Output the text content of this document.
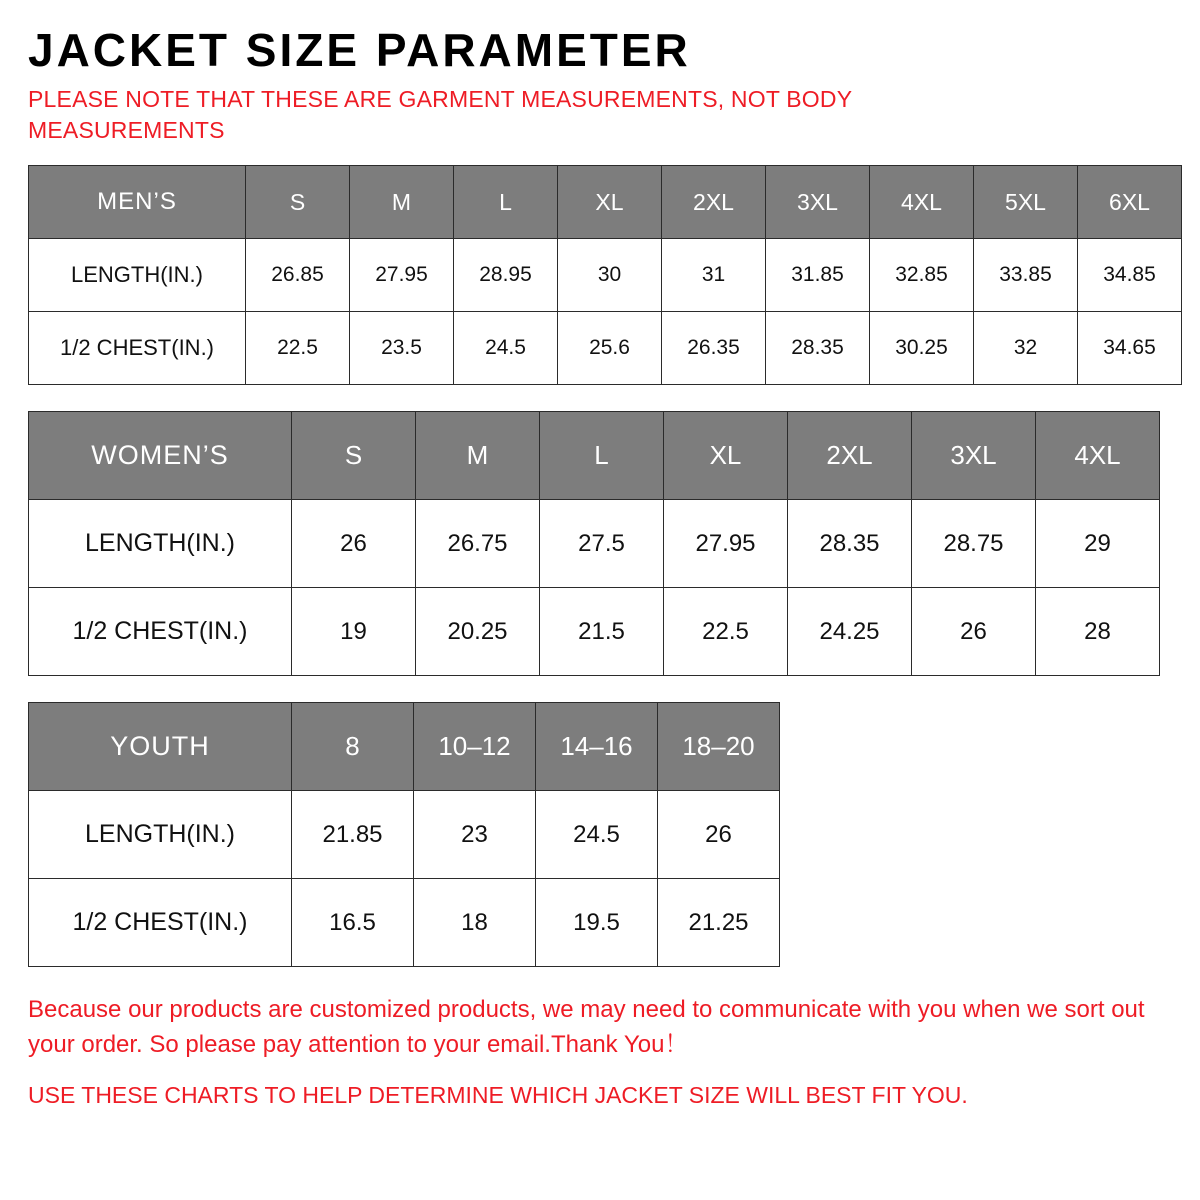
JACKET SIZE PARAMETER

PLEASE NOTE THAT THESE ARE GARMENT MEASUREMENTS, NOT BODY MEASUREMENTS

MEN’S	S	M	L	XL	2XL	3XL	4XL	5XL	6XL
LENGTH(IN.)	26.85	27.95	28.95	30	31	31.85	32.85	33.85	34.85
1/2 CHEST(IN.)	22.5	23.5	24.5	25.6	26.35	28.35	30.25	32	34.65
WOMEN’S	S	M	L	XL	2XL	3XL	4XL
LENGTH(IN.)	26	26.75	27.5	27.95	28.35	28.75	29
1/2 CHEST(IN.)	19	20.25	21.5	22.5	24.25	26	28
YOUTH	8	10–12	14–16	18–20
LENGTH(IN.)	21.85	23	24.5	26
1/2 CHEST(IN.)	16.5	18	19.5	21.25

Because our products are customized products, we may need to communicate with you when we sort out your order. So please pay attention to your email.Thank You！

USE THESE CHARTS TO HELP DETERMINE WHICH JACKET SIZE WILL BEST FIT YOU.
